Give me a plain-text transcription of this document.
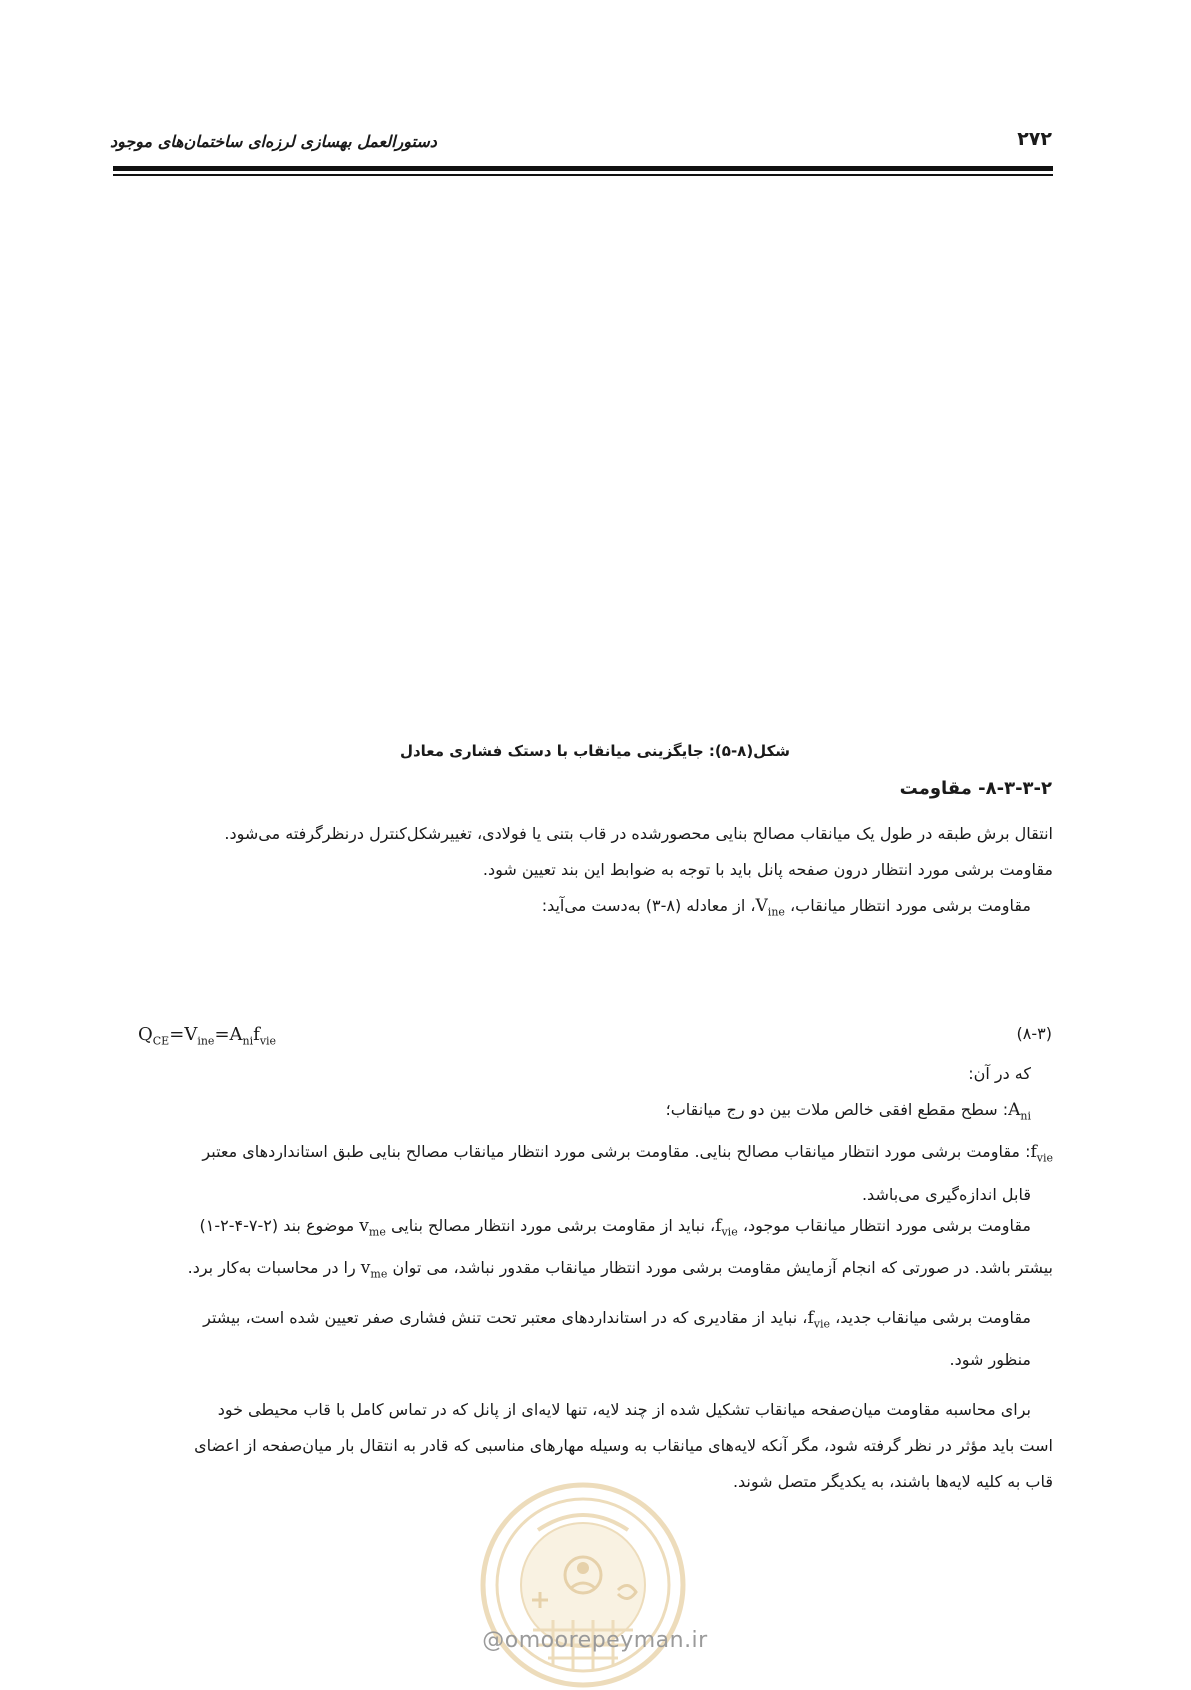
۲۷۲
دستورالعمل بهسازی لرزه‌ای ساختمان‌های موجود
شکل(۸-۵): جایگزینی میانقاب با دستک فشاری معادل
۸-۳-۳-۲- مقاومت
انتقال برش طبقه در طول یک میانقاب مصالح بنایی محصورشده در قاب بتنی یا فولادی، تغییرشکل‌کنترل درنظرگرفته می‌شود.
مقاومت برشی مورد انتظار درون صفحه پانل باید با توجه به ضوابط این بند تعیین شود.
مقاومت برشی مورد انتظار میانقاب، $V_{ine}،$ از معادله (۸-۳) به‌دست می‌آید:
$Q_{CE}=V_{ine}=A_{ni}f_{vie}$	(۸-۳)
که در آن:
$A_{ni}$: سطح مقطع افقی خالص ملات بین دو رج میانقاب؛
$f_{vie}$: مقاومت برشی مورد انتظار میانقاب مصالح بنایی. مقاومت برشی مورد انتظار میانقاب مصالح بنایی طبق استانداردهای معتبر
قابل اندازه‌گیری می‌باشد.
مقاومت برشی مورد انتظار میانقاب موجود، $f_{vie}،$ نباید از مقاومت برشی مورد انتظار مصالح بنایی $v_{me}$ موضوع بند (۲-۷-۴-۲-۱)
بیشتر باشد. در صورتی که انجام آزمایش مقاومت برشی مورد انتظار میانقاب مقدور نباشد، می توان $v_{me}$ را در محاسبات به‌کار برد.
مقاومت برشی میانقاب جدید، $f_{vie}،$ نباید از مقادیری که در استانداردهای معتبر تحت تنش فشاری صفر تعیین شده است، بیشتر
منظور شود.
برای محاسبه مقاومت میان‌صفحه میانقاب تشکیل شده از چند لایه، تنها لایه‌ای از پانل که در تماس کامل با قاب محیطی خود
است باید مؤثر در نظر گرفته شود، مگر آنکه لایه‌های میانقاب به وسیله مهارهای مناسبی که قادر به انتقال بار میان‌صفحه از اعضای
قاب به کلیه لایه‌ها باشند، به یکدیگر متصل شوند.
@omoorepeyman.ir
